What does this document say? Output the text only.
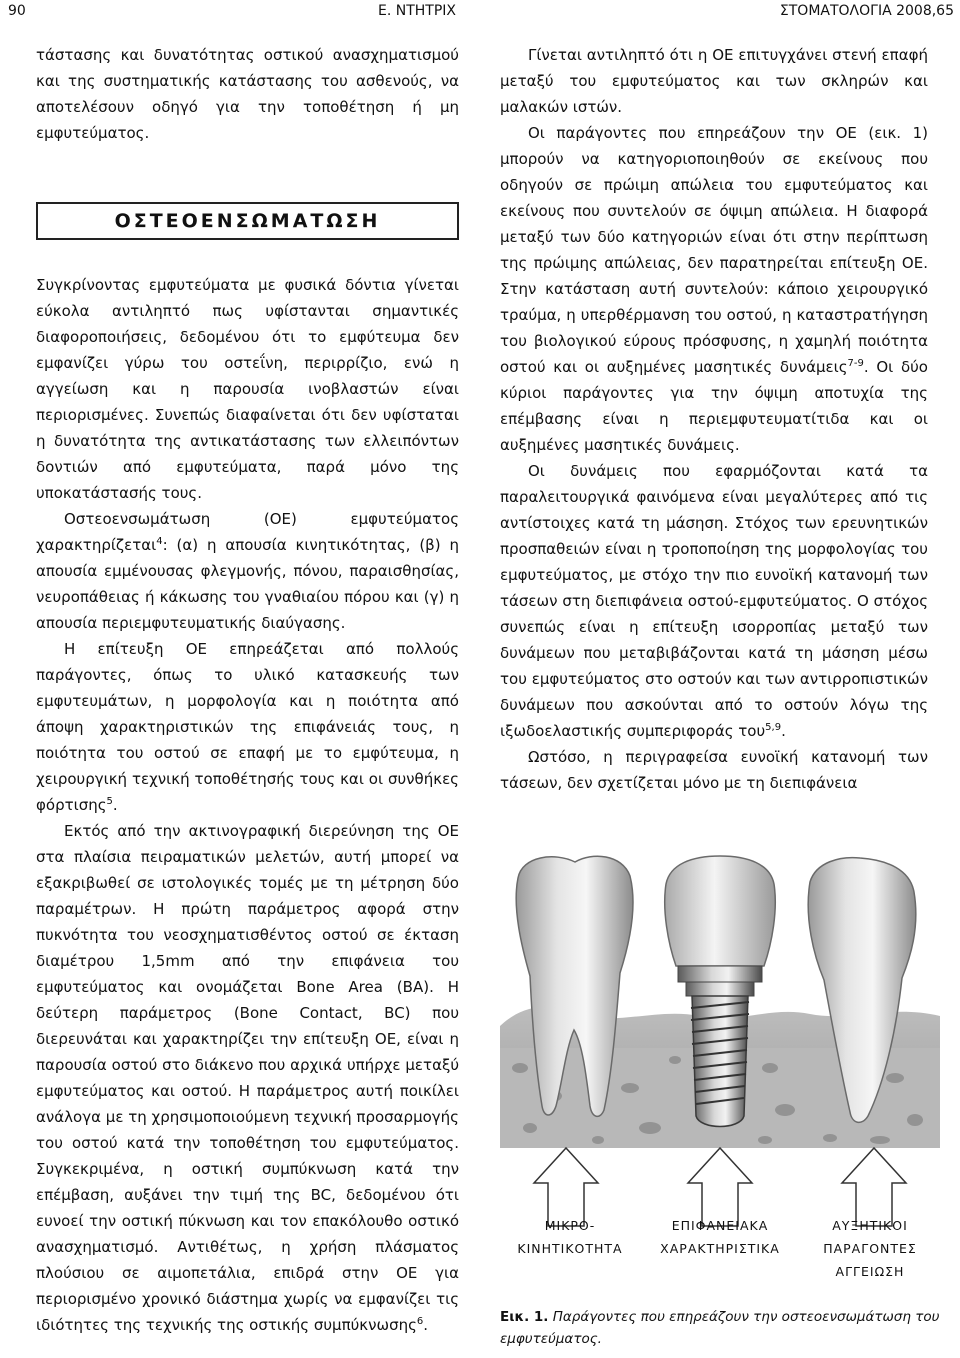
90	Ε. ΝΤΗΤΡΙΧ	ΣΤΟΜΑΤΟΛΟΓΙΑ 2008,65

τάστασης και δυνατότητας οστικού ανασχηματισμού και της συστηματικής κατάστασης του ασθενούς, να αποτελέσουν οδηγό για την τοποθέτηση ή μη εμφυτεύματος.

ΟΣΤΕΟΕΝΣΩΜΑΤΩΣΗ

Συγκρίνοντας εμφυτεύματα με φυσικά δόντια γίνεται εύκολα αντιληπτό πως υφίστανται σημαντικές διαφοροποιήσεις, δεδομένου ότι το εμφύτευμα δεν εμφανίζει γύρω του οστεΐνη, περιρρίζιο, ενώ η αγγείωση και η παρουσία ινοβλαστών είναι περιορισμένες. Συνεπώς διαφαίνεται ότι δεν υφίσταται η δυνατότητα της αντικατάστασης των ελλειπόντων δοντιών από εμφυτεύματα, παρά μόνο της υποκατάστασής τους.

Οστεοενσωμάτωση (ΟΕ) εμφυτεύματος χαρακτηρίζεται$^4$: (α) η απουσία κινητικότητας, (β) η απουσία εμμένουσας φλεγμονής, πόνου, παραισθησίας, νευροπάθειας ή κάκωσης του γναθιαίου πόρου και (γ) η απουσία περιεμφυτευματικής διαύγασης.

Η επίτευξη ΟΕ επηρεάζεται από πολλούς παράγοντες, όπως το υλικό κατασκευής των εμφυτευμάτων, η μορφολογία και η ποιότητα από άποψη χαρακτηριστικών της επιφάνειάς τους, η ποιότητα του οστού σε επαφή με το εμφύτευμα, η χειρουργική τεχνική τοποθέτησής τους και οι συνθήκες φόρτισης$^5$.

Εκτός από την ακτινογραφική διερεύνηση της ΟΕ στα πλαίσια πειραματικών μελετών, αυτή μπορεί να εξακριβωθεί σε ιστολογικές τομές με τη μέτρηση δύο παραμέτρων. Η πρώτη παράμετρος αφορά στην πυκνότητα του νεοσχηματισθέντος οστού σε έκταση διαμέτρου 1,5mm από την επιφάνεια του εμφυτεύματος και ονομάζεται Bone Area (BA). Η δεύτερη παράμετρος (Bone Contact, BC) που διερευνάται και χαρακτηρίζει την επίτευξη ΟΕ, είναι η παρουσία οστού στο διάκενο που αρχικά υπήρχε μεταξύ εμφυτεύματος και οστού. Η παράμετρος αυτή ποικίλει ανάλογα με τη χρησιμοποιούμενη τεχνική προσαρμογής του οστού κατά την τοποθέτηση του εμφυτεύματος. Συγκεκριμένα, η οστική συμπύκνωση κατά την επέμβαση, αυξάνει την τιμή της BC, δεδομένου ότι ευνοεί την οστική πύκνωση και τον επακόλουθο οστικό ανασχηματισμό. Αντιθέτως, η χρήση πλάσματος πλούσιου σε αιμοπετάλια, επιδρά στην ΟΕ για περιορισμένο χρονικό διάστημα χωρίς να εμφανίζει τις ιδιότητες της τεχνικής της οστικής συμπύκνωσης$^6$.

Γίνεται αντιληπτό ότι η ΟΕ επιτυγχάνει στενή επαφή μεταξύ του εμφυτεύματος και των σκληρών και μαλακών ιστών.

Οι παράγοντες που επηρεάζουν την ΟΕ (εικ. 1) μπορούν να κατηγοριοποιηθούν σε εκείνους που οδηγούν σε πρώιμη απώλεια του εμφυτεύματος και εκείνους που συντελούν σε όψιμη απώλεια. Η διαφορά μεταξύ των δύο κατηγοριών είναι ότι στην περίπτωση της πρώιμης απώλειας, δεν παρατηρείται επίτευξη ΟΕ. Στην κατάσταση αυτή συντελούν: κάποιο χειρουργικό τραύμα, η υπερθέρμανση του οστού, η καταστρατήγηση του βιολογικού εύρους πρόσφυσης, η χαμηλή ποιότητα οστού και οι αυξημένες μασητικές δυνάμεις$^{7-9}$. Οι δύο κύριοι παράγοντες για την όψιμη αποτυχία της επέμβασης είναι η περιεμφυτευματίτιδα και οι αυξημένες μασητικές δυνάμεις.

Οι δυνάμεις που εφαρμόζονται κατά τα παραλειτουργικά φαινόμενα είναι μεγαλύτερες από τις αντίστοιχες κατά τη μάσηση. Στόχος των ερευνητικών προσπαθειών είναι η τροποποίηση της μορφολογίας του εμφυτεύματος, με στόχο την πιο ευνοϊκή κατανομή των τάσεων στη διεπιφάνεια οστού-εμφυτεύματος. Ο στόχος συνεπώς είναι η επίτευξη ισορροπίας μεταξύ των δυνάμεων που μεταβιβάζονται κατά τη μάσηση μέσω του εμφυτεύματος στο οστούν και των αντιρροπιστικών δυνάμεων που ασκούνται από το οστούν λόγω της ιξωδοελαστικής συμπεριφοράς του$^{5,9}$.

Ωστόσο, η περιγραφείσα ευνοϊκή κατανομή των τάσεων, δεν σχετίζεται μόνο με τη διεπιφάνεια

ΜΙΚΡΟ-
ΚΙΝΗΤΙΚΟΤΗΤΑ
ΕΠΙΦΑΝΕΙΑΚΑ
ΧΑΡΑΚΤΗΡΙΣΤΙΚΑ
ΑΥΞΗΤΙΚΟΙ
ΠΑΡΑΓΟΝΤΕΣ
ΑΓΓΕΙΩΣΗ
Εικ. 1. Παράγοντες που επηρεάζουν την οστεοενσωμάτωση του εμφυτεύματος.
